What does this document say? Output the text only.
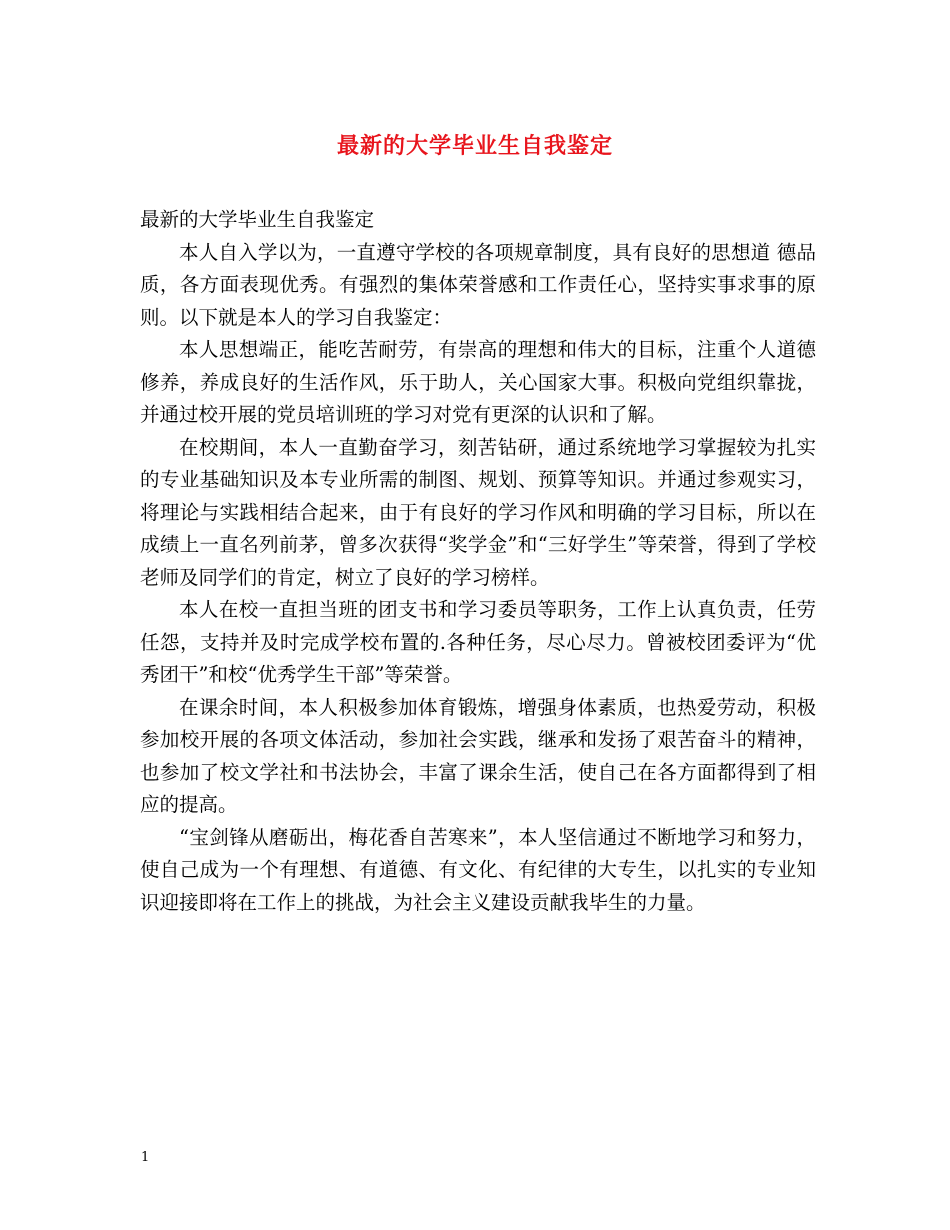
最新的大学毕业生自我鉴定

最新的大学毕业生自我鉴定

本人自入学以为，一直遵守学校的各项规章制度，具有良好的思想道 德品质，各方面表现优秀。有强烈的集体荣誉感和工作责任心，坚持实事求事的原则。以下就是本人的学习自我鉴定：

本人思想端正，能吃苦耐劳，有崇高的理想和伟大的目标，注重个人道德修养，养成良好的生活作风，乐于助人，关心国家大事。积极向党组织靠拢，并通过校开展的党员培训班的学习对党有更深的认识和了解。

在校期间，本人一直勤奋学习，刻苦钻研，通过系统地学习掌握较为扎实的专业基础知识及本专业所需的制图、规划、预算等知识。并通过参观实习，将理论与实践相结合起来，由于有良好的学习作风和明确的学习目标，所以在成绩上一直名列前茅，曾多次获得“奖学金”和“三好学生”等荣誉，得到了学校老师及同学们的肯定，树立了良好的学习榜样。

本人在校一直担当班的团支书和学习委员等职务，工作上认真负责，任劳任怨，支持并及时完成学校布置的.各种任务，尽心尽力。曾被校团委评为“优秀团干”和校“优秀学生干部”等荣誉。

在课余时间，本人积极参加体育锻炼，增强身体素质，也热爱劳动，积极参加校开展的各项文体活动，参加社会实践，继承和发扬了艰苦奋斗的精神，也参加了校文学社和书法协会，丰富了课余生活，使自己在各方面都得到了相应的提高。

“宝剑锋从磨砺出，梅花香自苦寒来”，本人坚信通过不断地学习和努力，使自己成为一个有理想、有道德、有文化、有纪律的大专生，以扎实的专业知识迎接即将在工作上的挑战，为社会主义建设贡献我毕生的力量。

1
